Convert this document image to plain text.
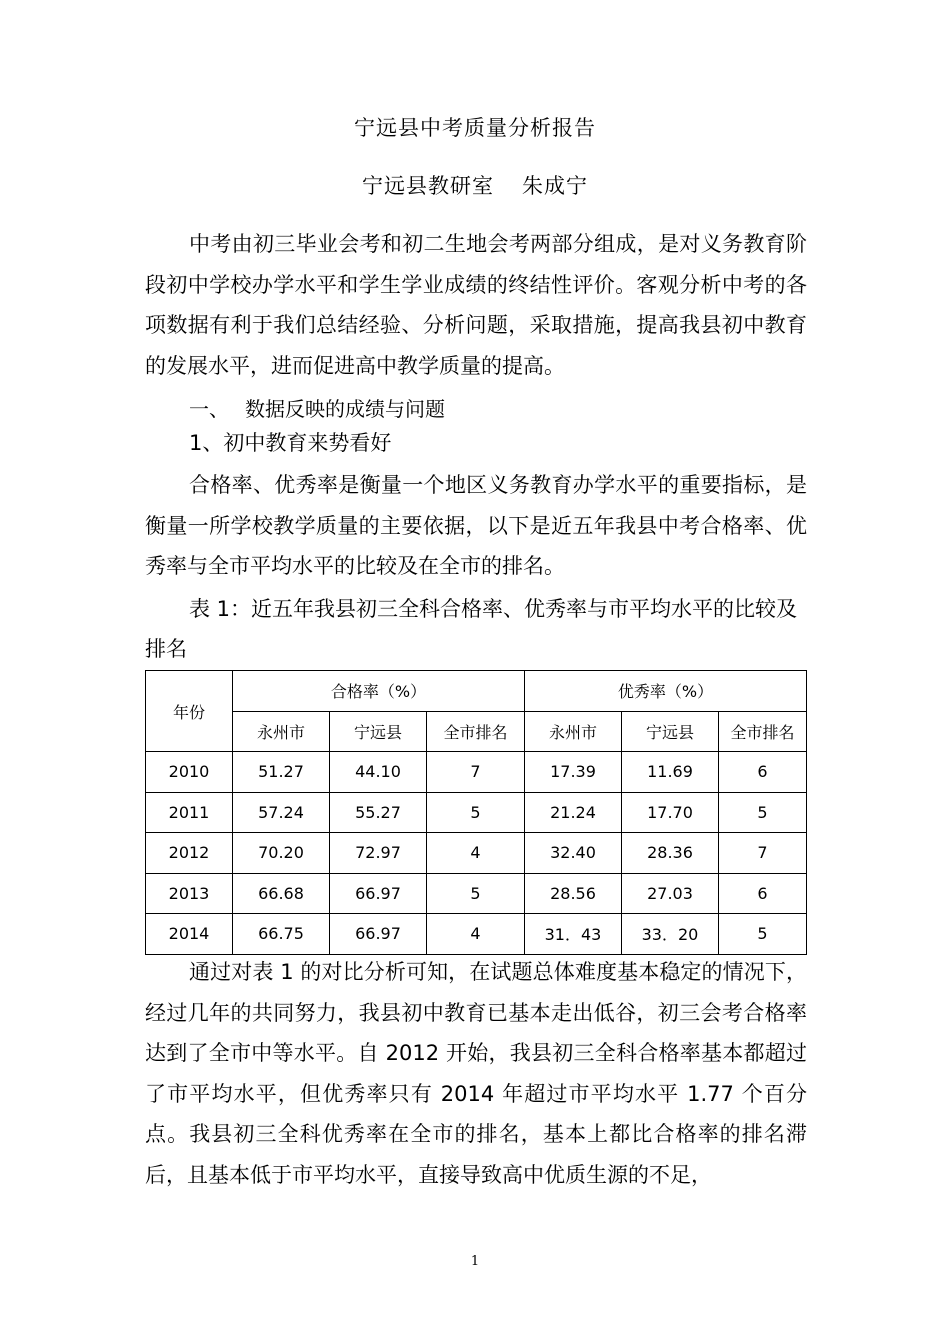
宁远县中考质量分析报告
宁远县教研室 朱成宁

中考由初三毕业会考和初二生地会考两部分组成，是对义务教育阶段初中学校办学水平和学生学业成绩的终结性评价。客观分析中考的各项数据有利于我们总结经验、分析问题，采取措施，提高我县初中教育的发展水平，进而促进高中教学质量的提高。

一、 数据反映的成绩与问题
1、初中教育来势看好

合格率、优秀率是衡量一个地区义务教育办学水平的重要指标，是衡量一所学校教学质量的主要依据，以下是近五年我县中考合格率、优秀率与全市平均水平的比较及在全市的排名。

表 1：近五年我县初三全科合格率、优秀率与市平均水平的比较及排名

年份	合格率（%）			优秀率（%）		
	永州市	宁远县	全市排名	永州市	宁远县	全市排名
2010	51.27	44.10	7	17.39	11.69	6
2011	57.24	55.27	5	21.24	17.70	5
2012	70.20	72.97	4	32.40	28.36	7
2013	66.68	66.97	5	28.56	27.03	6
2014	66.75	66.97	4	31．43	33．20	5

通过对表 1 的对比分析可知，在试题总体难度基本稳定的情况下，经过几年的共同努力，我县初中教育已基本走出低谷，初三会考合格率达到了全市中等水平。自 2012 开始，我县初三全科合格率基本都超过了市平均水平，但优秀率只有 2014 年超过市平均水平 1.77 个百分点。我县初三全科优秀率在全市的排名，基本上都比合格率的排名滞后，且基本低于市平均水平，直接导致高中优质生源的不足，

1
